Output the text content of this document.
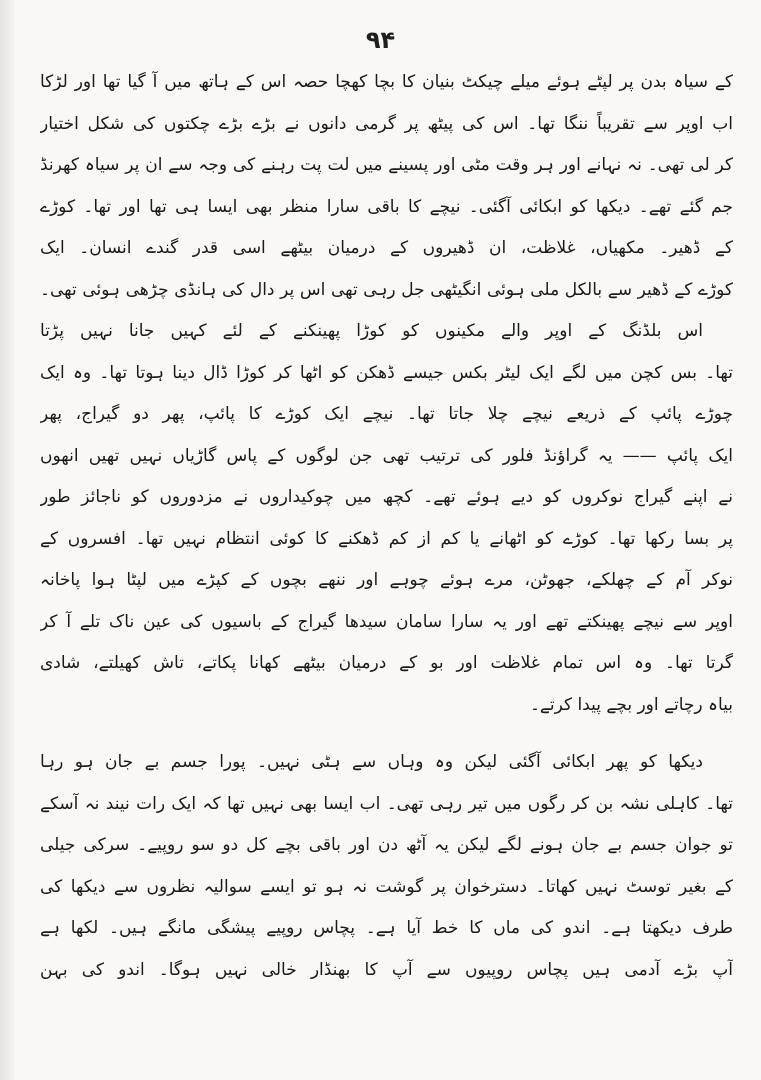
۹۴
کے سیاہ بدن پر لپٹے ہوئے میلے چیکٹ بنیان کا بچا کھچا حصہ اس کے ہاتھ میں آ گیا تھا اور لڑکا
اب اوپر سے تقریباً ننگا تھا۔ اس کی پیٹھ پر گرمی دانوں نے بڑے بڑے چکتوں کی شکل اختیار
کر لی تھی۔ نہ نہانے اور ہر وقت مٹی اور پسینے میں لت پت رہنے کی وجہ سے ان پر سیاہ کھرنڈ
جم گئے تھے۔ دیکھا کو ابکائی آگئی۔ نیچے کا باقی سارا منظر بھی ایسا ہی تھا اور تھا۔ کوڑے
کے ڈھیر۔ مکھیاں، غلاظت، ان ڈھیروں کے درمیان بیٹھے اسی قدر گندے انسان۔ ایک
کوڑے کے ڈھیر سے بالکل ملی ہوئی انگیٹھی جل رہی تھی اس پر دال کی ہانڈی چڑھی ہوئی تھی۔
اس بلڈنگ کے اوپر والے مکینوں کو کوڑا پھینکنے کے لئے کہیں جانا نہیں پڑتا
تھا۔ بس کچن میں لگے ایک لیٹر بکس جیسے ڈھکن کو اٹھا کر کوڑا ڈال دینا ہوتا تھا۔ وہ ایک
چوڑے پائپ کے ذریعے نیچے چلا جاتا تھا۔ نیچے ایک کوڑے کا پائپ، پھر دو گیراج، پھر
ایک پائپ —— یہ گراؤنڈ فلور کی ترتیب تھی جن لوگوں کے پاس گاڑیاں نہیں تھیں انھوں
نے اپنے گیراج نوکروں کو دیے ہوئے تھے۔ کچھ میں چوکیداروں نے مزدوروں کو ناجائز طور
پر بسا رکھا تھا۔ کوڑے کو اٹھانے یا کم از کم ڈھکنے کا کوئی انتظام نہیں تھا۔ افسروں کے
نوکر آم کے چھلکے، جھوٹن، مرے ہوئے چوہے اور ننھے بچوں کے کپڑے میں لپٹا ہوا پاخانہ
اوپر سے نیچے پھینکتے تھے اور یہ سارا سامان سیدھا گیراج کے باسیوں کی عین ناک تلے آ کر
گرتا تھا۔ وہ اس تمام غلاظت اور بو کے درمیان بیٹھے کھانا پکاتے، تاش کھیلتے، شادی
بیاہ رچاتے اور بچے پیدا کرتے۔
دیکھا کو پھر ابکائی آگئی لیکن وہ وہاں سے ہٹی نہیں۔ پورا جسم بے جان ہو رہا
تھا۔ کاہلی نشہ بن کر رگوں میں تیر رہی تھی۔ اب ایسا بھی نہیں تھا کہ ایک رات نیند نہ آسکے
تو جوان جسم بے جان ہونے لگے لیکن یہ آٹھ دن اور باقی بچے کل دو سو روپیے۔ سرکی جیلی
کے بغیر توسٹ نہیں کھاتا۔ دسترخوان پر گوشت نہ ہو تو ایسے سوالیہ نظروں سے دیکھا کی
طرف دیکھتا ہے۔ اندو کی ماں کا خط آیا ہے۔ پچاس روپیے پیشگی مانگے ہیں۔ لکھا ہے
آپ بڑے آدمی ہیں پچاس روپیوں سے آپ کا بھنڈار خالی نہیں ہوگا۔ اندو کی بہن
